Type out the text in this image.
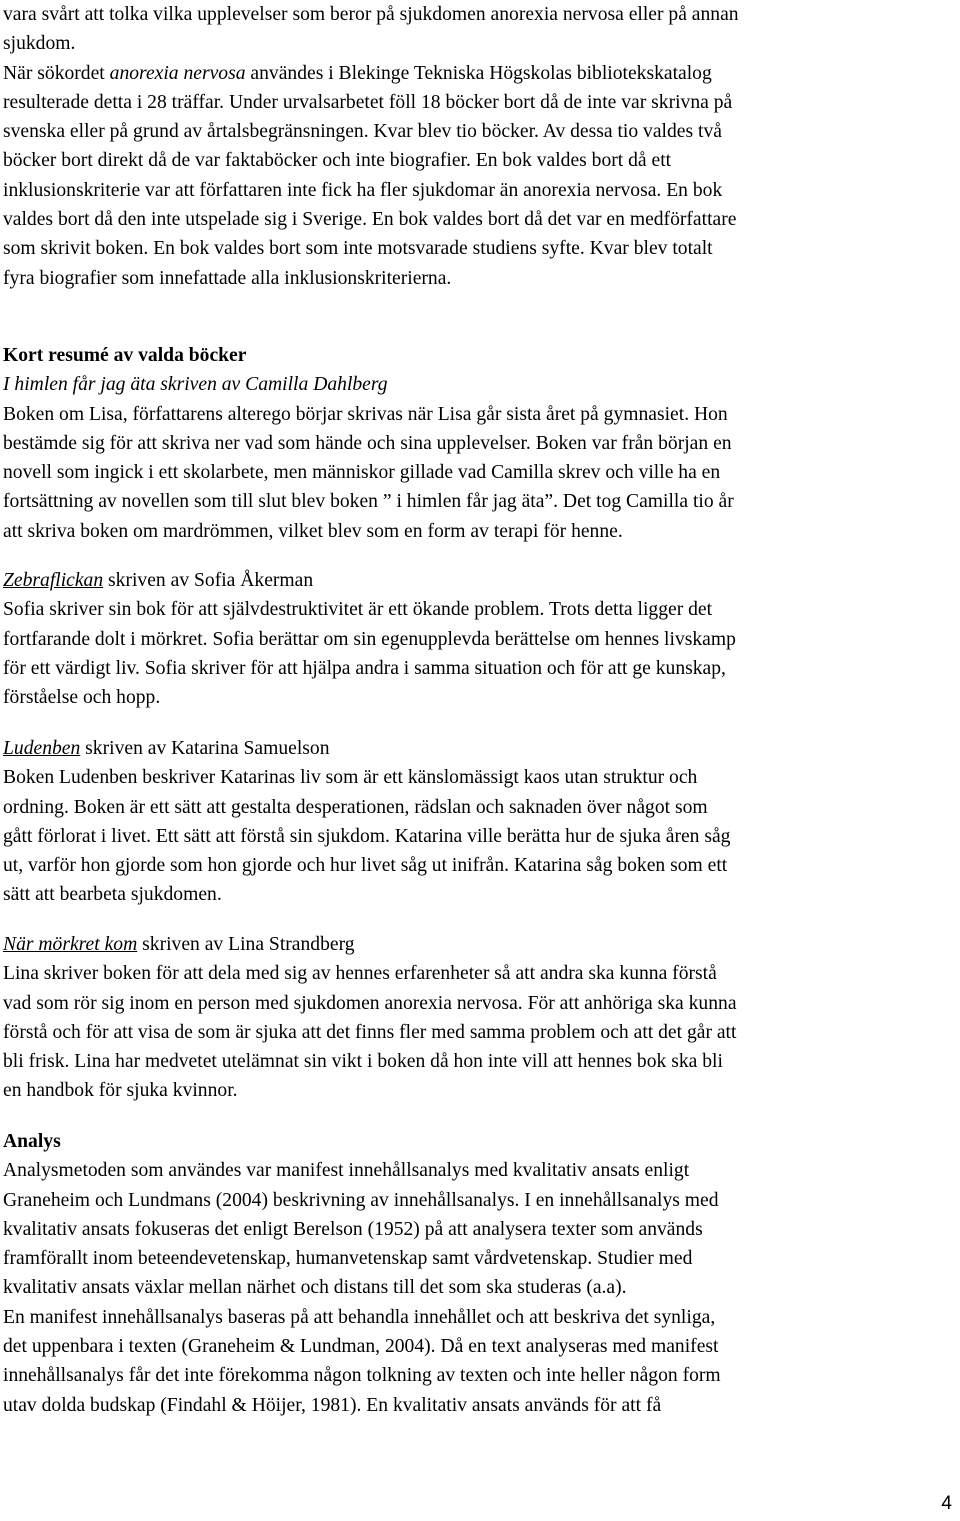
vara svårt att tolka vilka upplevelser som beror på sjukdomen anorexia nervosa eller på annan
sjukdom.
När sökordet anorexia nervosa användes i Blekinge Tekniska Högskolas bibliotekskatalog
resulterade detta i 28 träffar. Under urvalsarbetet föll 18 böcker bort då de inte var skrivna på
svenska eller på grund av årtalsbegränsningen. Kvar blev tio böcker. Av dessa tio valdes två
böcker bort direkt då de var faktaböcker och inte biografier. En bok valdes bort då ett
inklusionskriterie var att författaren inte fick ha fler sjukdomar än anorexia nervosa. En bok
valdes bort då den inte utspelade sig i Sverige. En bok valdes bort då det var en medförfattare
som skrivit boken. En bok valdes bort som inte motsvarade studiens syfte. Kvar blev totalt
fyra biografier som innefattade alla inklusionskriterierna.
Kort resumé av valda böcker
I himlen får jag äta skriven av Camilla Dahlberg
Boken om Lisa, författarens alterego börjar skrivas när Lisa går sista året på gymnasiet. Hon
bestämde sig för att skriva ner vad som hände och sina upplevelser. Boken var från början en
novell som ingick i ett skolarbete, men människor gillade vad Camilla skrev och ville ha en
fortsättning av novellen som till slut blev boken ” i himlen får jag äta”. Det tog Camilla tio år
att skriva boken om mardrömmen, vilket blev som en form av terapi för henne.
Zebraflickan skriven av Sofia Åkerman
Sofia skriver sin bok för att självdestruktivitet är ett ökande problem. Trots detta ligger det
fortfarande dolt i mörkret. Sofia berättar om sin egenupplevda berättelse om hennes livskamp
för ett värdigt liv. Sofia skriver för att hjälpa andra i samma situation och för att ge kunskap,
förståelse och hopp.
Ludenben skriven av Katarina Samuelson
Boken Ludenben beskriver Katarinas liv som är ett känslomässigt kaos utan struktur och
ordning. Boken är ett sätt att gestalta desperationen, rädslan och saknaden över något som
gått förlorat i livet. Ett sätt att förstå sin sjukdom. Katarina ville berätta hur de sjuka åren såg
ut, varför hon gjorde som hon gjorde och hur livet såg ut inifrån. Katarina såg boken som ett
sätt att bearbeta sjukdomen.
När mörkret kom skriven av Lina Strandberg
Lina skriver boken för att dela med sig av hennes erfarenheter så att andra ska kunna förstå
vad som rör sig inom en person med sjukdomen anorexia nervosa. För att anhöriga ska kunna
förstå och för att visa de som är sjuka att det finns fler med samma problem och att det går att
bli frisk. Lina har medvetet utelämnat sin vikt i boken då hon inte vill att hennes bok ska bli
en handbok för sjuka kvinnor.
Analys
Analysmetoden som användes var manifest innehållsanalys med kvalitativ ansats enligt
Graneheim och Lundmans (2004) beskrivning av innehållsanalys. I en innehållsanalys med
kvalitativ ansats fokuseras det enligt Berelson (1952) på att analysera texter som används
framförallt inom beteendevetenskap, humanvetenskap samt vårdvetenskap. Studier med
kvalitativ ansats växlar mellan närhet och distans till det som ska studeras (a.a).
En manifest innehållsanalys baseras på att behandla innehållet och att beskriva det synliga,
det uppenbara i texten (Graneheim & Lundman, 2004). Då en text analyseras med manifest
innehållsanalys får det inte förekomma någon tolkning av texten och inte heller någon form
utav dolda budskap (Findahl & Höijer, 1981). En kvalitativ ansats används för att få
4
